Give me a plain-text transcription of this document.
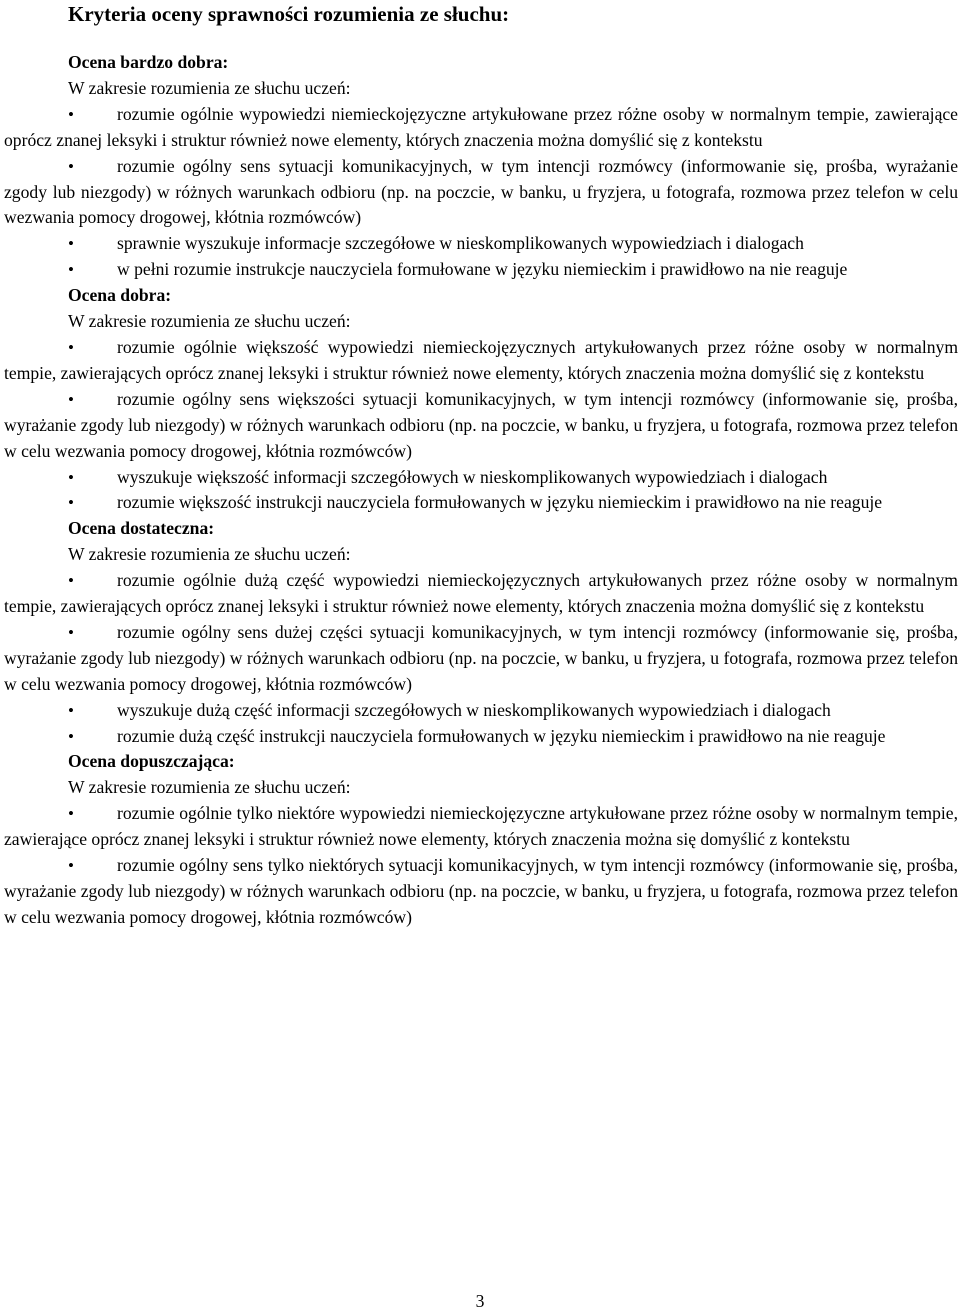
Kryteria oceny sprawności rozumienia ze słuchu:
Ocena bardzo dobra:
W zakresie rozumienia ze słuchu uczeń:
• rozumie ogólnie wypowiedzi niemieckojęzyczne artykułowane przez różne osoby w normalnym tempie, zawierające oprócz znanej leksyki i struktur również nowe elementy, których znaczenia można domyślić się z kontekstu
• rozumie ogólny sens sytuacji komunikacyjnych, w tym intencji rozmówcy (informowanie się, prośba, wyrażanie zgody lub niezgody) w różnych warunkach odbioru (np. na poczcie, w banku, u fryzjera, u fotografa, rozmowa przez telefon w celu wezwania pomocy drogowej, kłótnia rozmówców)
• sprawnie wyszukuje informacje szczegółowe w nieskomplikowanych wypowiedziach i dialogach
• w pełni rozumie instrukcje nauczyciela formułowane w języku niemieckim i prawidłowo na nie reaguje
Ocena dobra:
W zakresie rozumienia ze słuchu uczeń:
• rozumie ogólnie większość wypowiedzi niemieckojęzycznych artykułowanych przez różne osoby w normalnym tempie, zawierających oprócz znanej leksyki i struktur również nowe elementy, których znaczenia można domyślić się z kontekstu
• rozumie ogólny sens większości sytuacji komunikacyjnych, w tym intencji rozmówcy (informowanie się, prośba, wyrażanie zgody lub niezgody) w różnych warunkach odbioru (np. na poczcie, w banku, u fryzjera, u fotografa, rozmowa przez telefon w celu wezwania pomocy drogowej, kłótnia rozmówców)
• wyszukuje większość informacji szczegółowych w nieskomplikowanych wypowiedziach i dialogach
• rozumie większość instrukcji nauczyciela formułowanych w języku niemieckim i prawidłowo na nie reaguje
Ocena dostateczna:
W zakresie rozumienia ze słuchu uczeń:
• rozumie ogólnie dużą część wypowiedzi niemieckojęzycznych artykułowanych przez różne osoby w normalnym tempie, zawierających oprócz znanej leksyki i struktur również nowe elementy, których znaczenia można domyślić się z kontekstu
• rozumie ogólny sens dużej części sytuacji komunikacyjnych, w tym intencji rozmówcy (informowanie się, prośba, wyrażanie zgody lub niezgody) w różnych warunkach odbioru (np. na poczcie, w banku, u fryzjera, u fotografa, rozmowa przez telefon w celu wezwania pomocy drogowej, kłótnia rozmówców)
• wyszukuje dużą część informacji szczegółowych w nieskomplikowanych wypowiedziach i dialogach
• rozumie dużą część instrukcji nauczyciela formułowanych w języku niemieckim i prawidłowo na nie reaguje
Ocena dopuszczająca:
W zakresie rozumienia ze słuchu uczeń:
• rozumie ogólnie tylko niektóre wypowiedzi niemieckojęzyczne artykułowane przez różne osoby w normalnym tempie, zawierające oprócz znanej leksyki i struktur również nowe elementy, których znaczenia można się domyślić z kontekstu
• rozumie ogólny sens tylko niektórych sytuacji komunikacyjnych, w tym intencji rozmówcy (informowanie się, prośba, wyrażanie zgody lub niezgody) w różnych warunkach odbioru (np. na poczcie, w banku, u fryzjera, u fotografa, rozmowa przez telefon w celu wezwania pomocy drogowej, kłótnia rozmówców)
3
